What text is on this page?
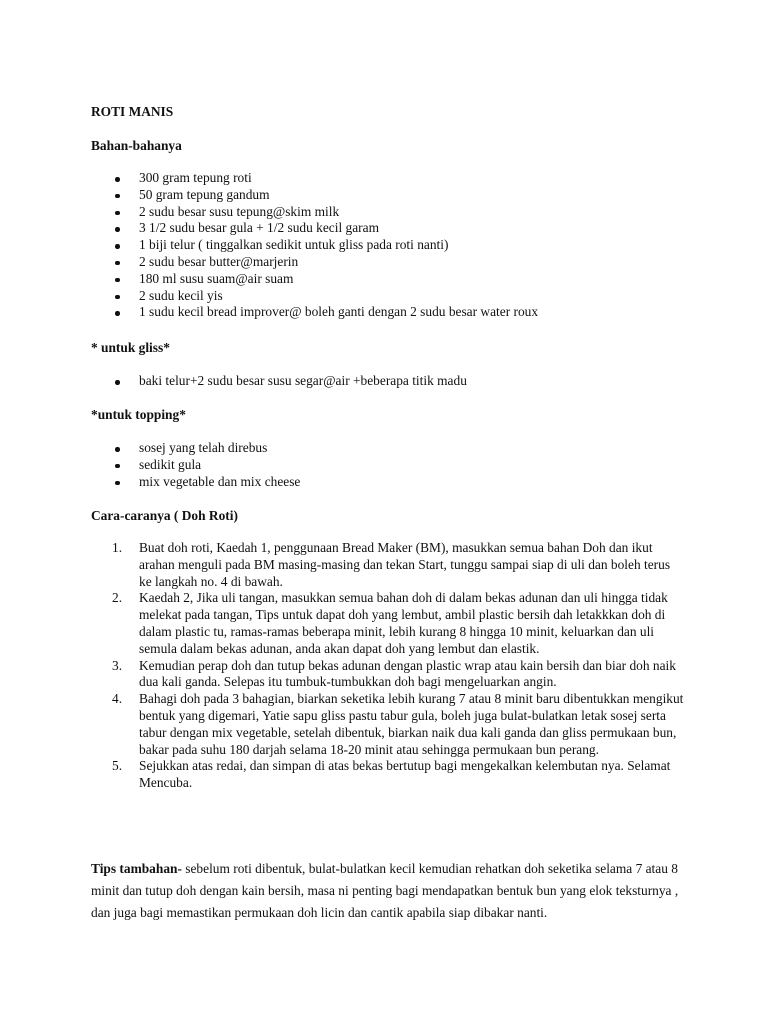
ROTI MANIS
Bahan-bahanya
300 gram tepung roti
50 gram tepung gandum
2 sudu besar susu tepung@skim milk
3 1/2 sudu besar gula + 1/2 sudu kecil garam
1 biji telur ( tinggalkan sedikit untuk gliss pada roti nanti)
2 sudu besar butter@marjerin
180 ml susu suam@air suam
2 sudu kecil yis
1 sudu kecil bread improver@ boleh ganti dengan 2 sudu besar water roux
* untuk gliss*
baki telur+2 sudu besar susu segar@air +beberapa titik madu
*untuk topping*
sosej yang telah direbus
sedikit gula
mix vegetable dan mix cheese
Cara-caranya ( Doh Roti)
1. Buat doh roti, Kaedah 1, penggunaan Bread Maker (BM), masukkan semua bahan Doh dan ikut arahan menguli pada BM masing-masing dan tekan Start, tunggu sampai siap di uli dan boleh terus ke langkah no. 4 di bawah.
2. Kaedah 2, Jika uli tangan, masukkan semua bahan doh di dalam bekas adunan dan uli hingga tidak melekat pada tangan, Tips untuk dapat doh yang lembut, ambil plastic bersih dah letakkkan doh di dalam plastic tu, ramas-ramas beberapa minit, lebih kurang 8 hingga 10 minit, keluarkan dan uli semula dalam bekas adunan, anda akan dapat doh yang lembut dan elastik.
3. Kemudian perap doh dan tutup bekas adunan dengan plastic wrap atau kain bersih dan biar doh naik dua kali ganda. Selepas itu tumbuk-tumbukkan doh bagi mengeluarkan angin.
4. Bahagi doh pada 3 bahagian, biarkan seketika lebih kurang 7 atau 8 minit baru dibentukkan mengikut bentuk yang digemari, Yatie sapu gliss pastu tabur gula, boleh juga bulat-bulatkan letak sosej serta tabur dengan mix vegetable, setelah dibentuk, biarkan naik dua kali ganda dan gliss permukaan bun, bakar pada suhu 180 darjah selama 18-20 minit atau sehingga permukaan bun perang.
5. Sejukkan atas redai, dan simpan di atas bekas bertutup bagi mengekalkan kelembutan nya. Selamat Mencuba.

Tips tambahan- sebelum roti dibentuk, bulat-bulatkan kecil kemudian rehatkan doh seketika selama 7 atau 8 minit dan tutup doh dengan kain bersih, masa ni penting bagi mendapatkan bentuk bun yang elok teksturnya , dan juga bagi memastikan permukaan doh licin dan cantik apabila siap dibakar nanti.
